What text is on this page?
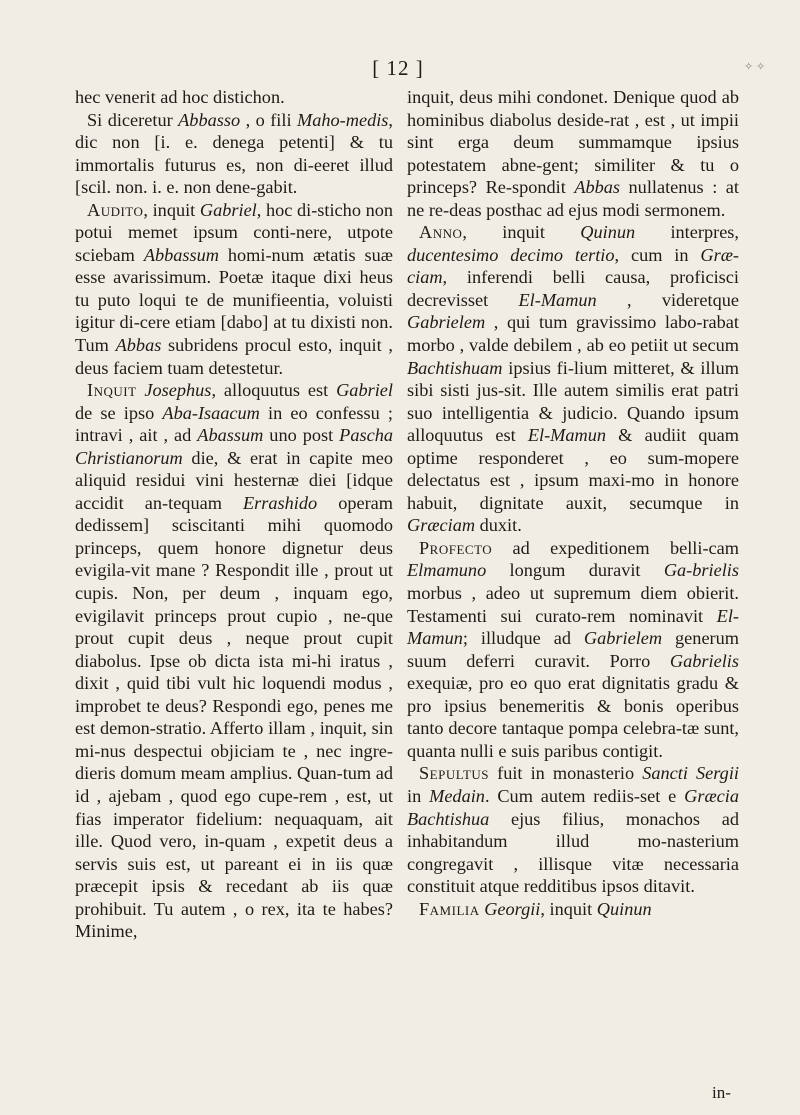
[ 12 ]	✧ ✧

hec venerit ad hoc distichon.

Si diceretur Abbasso , o fili Maho-medis, dic non [i. e. denega petenti] & tu immortalis futurus es, non di-eeret illud [scil. non. i. e. non dene-gabit.

Audito, inquit Gabriel, hoc di-sticho non potui memet ipsum conti-nere, utpote sciebam Abbassum homi-num ætatis suæ esse avarissimum. Poetæ itaque dixi heus tu puto loqui te de munifieentia, voluisti igitur di-cere etiam [dabo] at tu dixisti non. Tum Abbas subridens procul esto, inquit , deus faciem tuam detestetur.

Inquit Josephus, alloquutus est Gabriel de se ipso Aba-Isaacum in eo confessu ; intravi , ait , ad Abassum uno post Pascha Christianorum die, & erat in capite meo aliquid residui vini hesternæ diei [idque accidit an-tequam Errashido operam dedissem] sciscitanti mihi quomodo princeps, quem honore dignetur deus evigila-vit mane ? Respondit ille , prout ut cupis. Non, per deum , inquam ego, evigilavit princeps prout cupio , ne-que prout cupit deus , neque prout cupit diabolus. Ipse ob dicta ista mi-hi iratus , dixit , quid tibi vult hic loquendi modus , improbet te deus? Respondi ego, penes me est demon-stratio. Afferto illam , inquit, sin mi-nus despectui objiciam te , nec ingre-dieris domum meam amplius. Quan-tum ad id , ajebam , quod ego cupe-rem , est, ut fias imperator fidelium: nequaquam, ait ille. Quod vero, in-quam , expetit deus a servis suis est, ut pareant ei in iis quæ præcepit ipsis & recedant ab iis quæ prohibuit. Tu autem , o rex, ita te habes? Minime,

inquit, deus mihi condonet. Denique quod ab hominibus diabolus deside-rat , est , ut impii sint erga deum summamque ipsius potestatem abne-gent; similiter & tu o princeps? Re-spondit Abbas nullatenus : at ne re-deas posthac ad ejus modi sermonem.

Anno, inquit Quinun interpres, ducentesimo decimo tertio, cum in Græ-ciam, inferendi belli causa, proficisci decrevisset El-Mamun , videretque Gabrielem , qui tum gravissimo labo-rabat morbo , valde debilem , ab eo petiit ut secum Bachtishuam ipsius fi-lium mitteret, & illum sibi sisti jus-sit. Ille autem similis erat patri suo intelligentia & judicio. Quando ipsum alloquutus est El-Mamun & audiit quam optime responderet , eo sum-mopere delectatus est , ipsum maxi-mo in honore habuit, dignitate auxit, secumque in Græciam duxit.

Profecto ad expeditionem belli-cam Elmamuno longum duravit Ga-brielis morbus , adeo ut supremum diem obierit. Testamenti sui curato-rem nominavit El-Mamun; illudque ad Gabrielem generum suum deferri curavit. Porro Gabrielis exequiæ, pro eo quo erat dignitatis gradu & pro ipsius benemeritis & bonis operibus tanto decore tantaque pompa celebra-tæ sunt, quanta nulli e suis paribus contigit.

Sepultus fuit in monasterio Sancti Sergii in Medain. Cum autem rediis-set e Græcia Bachtishua ejus filius, monachos ad inhabitandum illud mo-nasterium congregavit , illisque vitæ necessaria constituit atque redditibus ipsos ditavit.

Familia Georgii, inquit Quinun

in-
